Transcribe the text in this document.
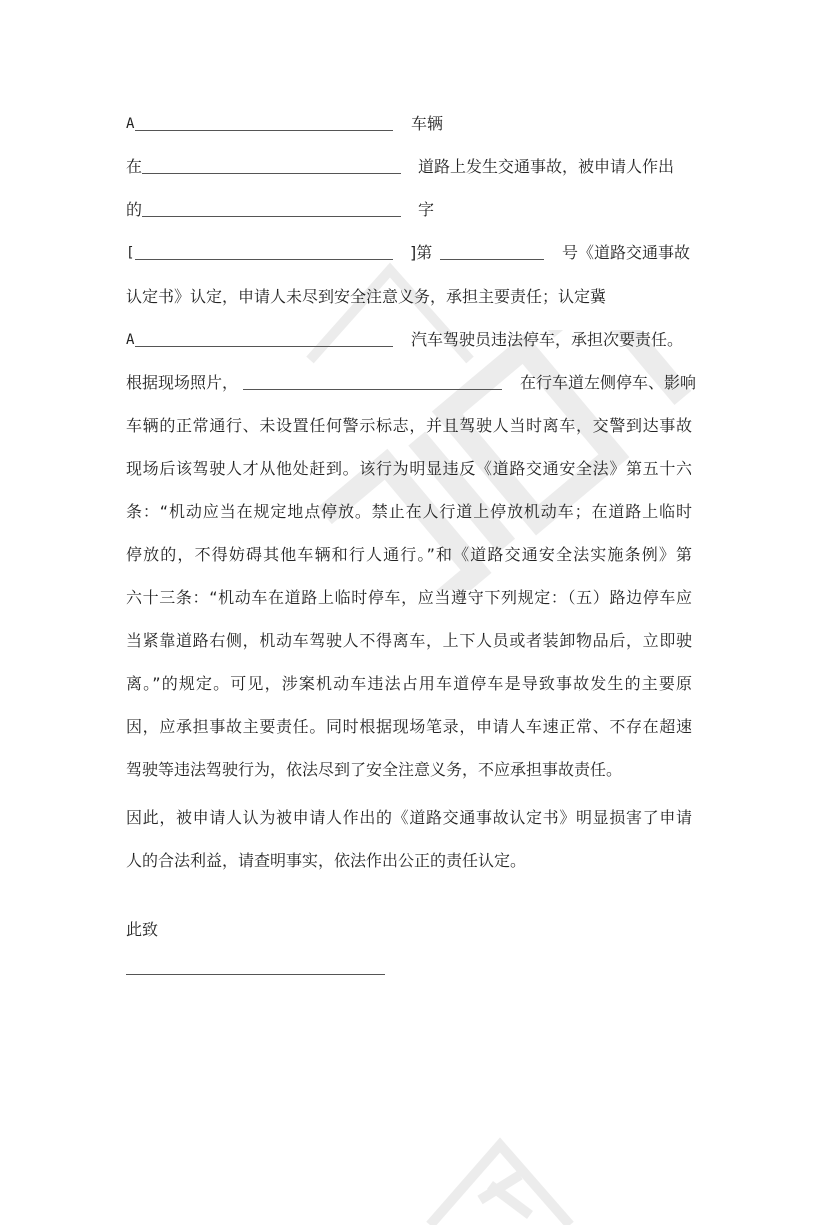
A	车辆
在	道路上发生交通事故，被申请人作出
的	字
[	]第	号《道路交通事故
认定书》认定，申请人未尽到安全注意义务，承担主要责任；认定冀
A	汽车驾驶员违法停车，承担次要责任。
根据现场照片，	在行车道左侧停车、影响
车辆的正常通行、未设置任何警示标志，并且驾驶人当时离车，交警到达事故
现场后该驾驶人才从他处赶到。该行为明显违反《道路交通安全法》第五十六
条：“机动应当在规定地点停放。禁止在人行道上停放机动车；在道路上临时
停放的，不得妨碍其他车辆和行人通行。”和《道路交通安全法实施条例》第
六十三条：“机动车在道路上临时停车，应当遵守下列规定：（五）路边停车应
当紧靠道路右侧，机动车驾驶人不得离车，上下人员或者装卸物品后，立即驶
离。”的规定。可见，涉案机动车违法占用车道停车是导致事故发生的主要原
因，应承担事故主要责任。同时根据现场笔录，申请人车速正常、不存在超速
驾驶等违法驾驶行为，依法尽到了安全注意义务，不应承担事故责任。
因此，被申请人认为被申请人作出的《道路交通事故认定书》明显损害了申请
人的合法利益，请查明事实，依法作出公正的责任认定。
此致
